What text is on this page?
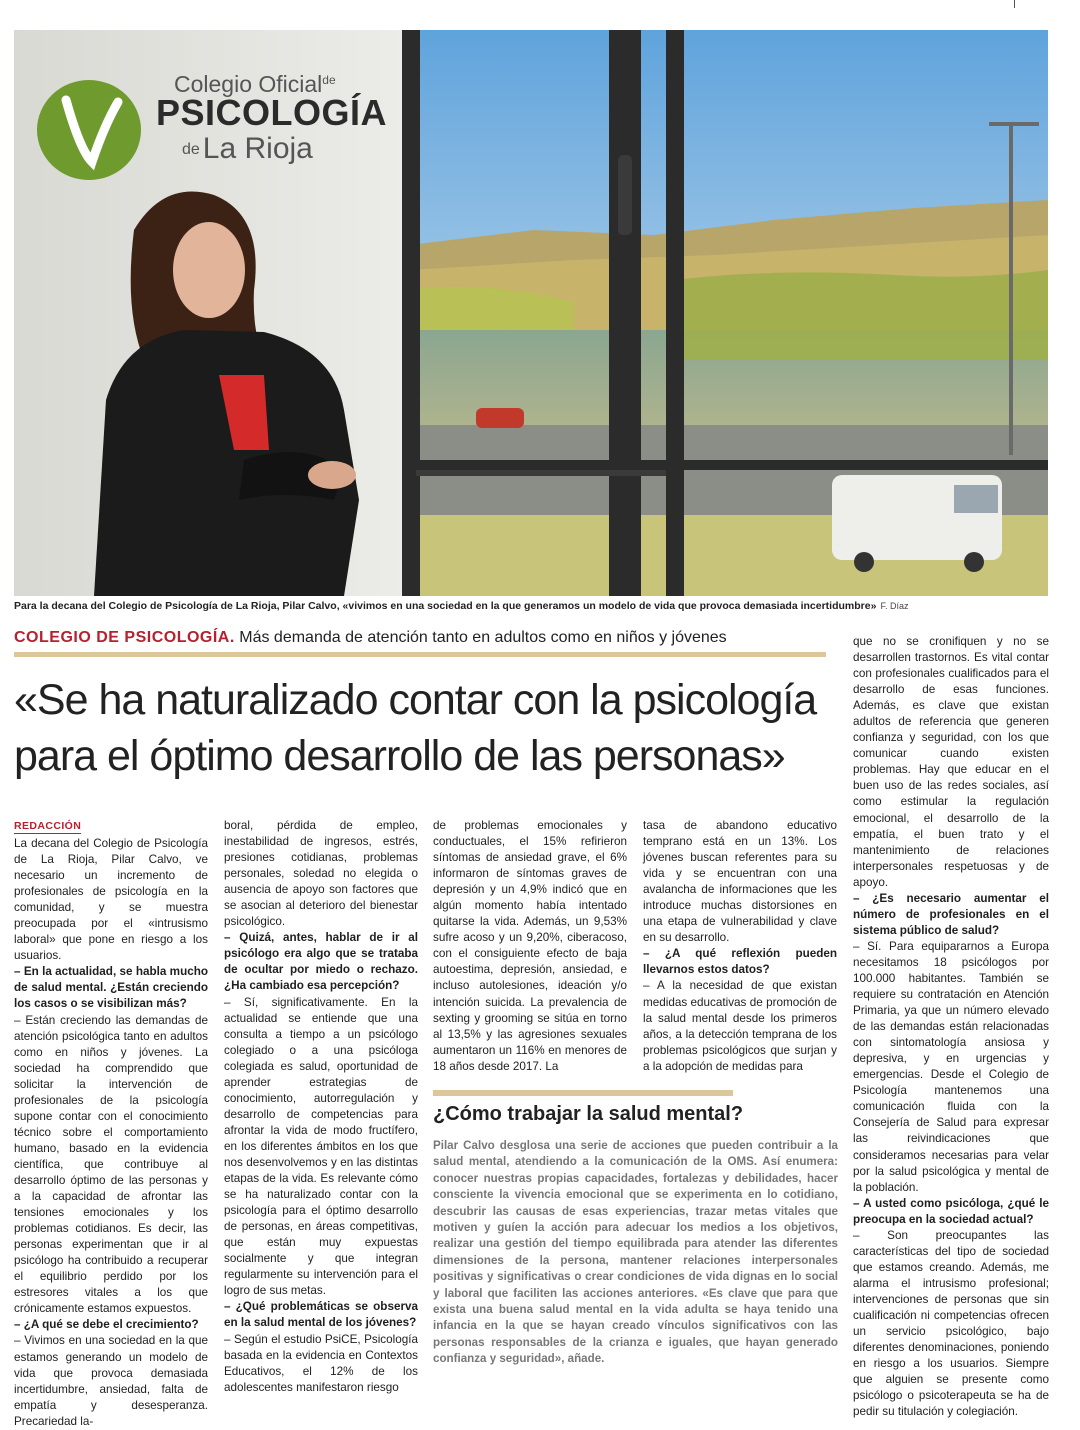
Colegio Oficial$^{de}$
PSICOLOGÍA
de La Rioja
Para la decana del Colegio de Psicología de La Rioja, Pilar Calvo, «vivimos en una sociedad en la que generamos un modelo de vida que provoca demasiada incertidumbre» F. Díaz
COLEGIO DE PSICOLOGÍA. Más demanda de atención tanto en adultos como en niños y jóvenes
«Se ha naturalizado contar con la psicología para el óptimo desarrollo de las personas»
REDACCIÓN

La decana del Colegio de Psicología de La Rioja, Pilar Calvo, ve necesario un incremento de profesionales de psicología en la comunidad, y se muestra preocupada por el «intrusismo laboral» que pone en riesgo a los usuarios.

– En la actualidad, se habla mucho de salud mental. ¿Están creciendo los casos o se visibilizan más?

– Están creciendo las demandas de atención psicológica tanto en adultos como en niños y jóvenes. La sociedad ha comprendido que solicitar la intervención de profesionales de la psicología supone contar con el conocimiento técnico sobre el comportamiento humano, basado en la evidencia científica, que contribuye al desarrollo óptimo de las personas y a la capacidad de afrontar las tensiones emocionales y los problemas cotidianos. Es decir, las personas experimentan que ir al psicólogo ha contribuido a recuperar el equilibrio perdido por los estresores vitales a los que crónicamente estamos expuestos.

– ¿A qué se debe el crecimiento?

– Vivimos en una sociedad en la que estamos generando un modelo de vida que provoca demasiada incertidumbre, ansiedad, falta de empatía y desesperanza. Precariedad la-

boral, pérdida de empleo, inestabilidad de ingresos, estrés, presiones cotidianas, problemas personales, soledad no elegida o ausencia de apoyo son factores que se asocian al deterioro del bienestar psicológico.

– Quizá, antes, hablar de ir al psicólogo era algo que se trataba de ocultar por miedo o rechazo. ¿Ha cambiado esa percepción?

– Sí, significativamente. En la actualidad se entiende que una consulta a tiempo a un psicólogo colegiado o a una psicóloga colegiada es salud, oportunidad de aprender estrategias de conocimiento, autorregulación y desarrollo de competencias para afrontar la vida de modo fructífero, en los diferentes ámbitos en los que nos desenvolvemos y en las distintas etapas de la vida. Es relevante cómo se ha naturalizado contar con la psicología para el óptimo desarrollo de personas, en áreas competitivas, que están muy expuestas socialmente y que integran regularmente su intervención para el logro de sus metas.

– ¿Qué problemáticas se observa en la salud mental de los jóvenes?

– Según el estudio PsiCE, Psicología basada en la evidencia en Contextos Educativos, el 12% de los adolescentes manifestaron riesgo

de problemas emocionales y conductuales, el 15% refirieron síntomas de ansiedad grave, el 6% informaron de síntomas graves de depresión y un 4,9% indicó que en algún momento había intentado quitarse la vida. Además, un 9,53% sufre acoso y un 9,20%, ciberacoso, con el consiguiente efecto de baja autoestima, depresión, ansiedad, e incluso autolesiones, ideación y/o intención suicida. La prevalencia de sexting y grooming se sitúa en torno al 13,5% y las agresiones sexuales aumentaron un 116% en menores de 18 años desde 2017. La

tasa de abandono educativo temprano está en un 13%. Los jóvenes buscan referentes para su vida y se encuentran con una avalancha de informaciones que les introduce muchas distorsiones en una etapa de vulnerabilidad y clave en su desarrollo.

– ¿A qué reflexión pueden llevarnos estos datos?

– A la necesidad de que existan medidas educativas de promoción de la salud mental desde los primeros años, a la detección temprana de los problemas psicológicos que surjan y a la adopción de medidas para

que no se cronifiquen y no se desarrollen trastornos. Es vital contar con profesionales cualificados para el desarrollo de esas funciones. Además, es clave que existan adultos de referencia que generen confianza y seguridad, con los que comunicar cuando existen problemas. Hay que educar en el buen uso de las redes sociales, así como estimular la regulación emocional, el desarrollo de la empatía, el buen trato y el mantenimiento de relaciones interpersonales respetuosas y de apoyo.

– ¿Es necesario aumentar el número de profesionales en el sistema público de salud?

– Sí. Para equipararnos a Europa necesitamos 18 psicólogos por 100.000 habitantes. También se requiere su contratación en Atención Primaria, ya que un número elevado de las demandas están relacionadas con sintomatología ansiosa y depresiva, y en urgencias y emergencias. Desde el Colegio de Psicología mantenemos una comunicación fluida con la Consejería de Salud para expresar las reivindicaciones que consideramos necesarias para velar por la salud psicológica y mental de la población.

– A usted como psicóloga, ¿qué le preocupa en la sociedad actual?

– Son preocupantes las características del tipo de sociedad que estamos creando. Además, me alarma el intrusismo profesional; intervenciones de personas que sin cualificación ni competencias ofrecen un servicio psicológico, bajo diferentes denominaciones, poniendo en riesgo a los usuarios. Siempre que alguien se presente como psicólogo o psicoterapeuta se ha de pedir su titulación y colegiación.

¿Cómo trabajar la salud mental?
Pilar Calvo desglosa una serie de acciones que pueden contribuir a la salud mental, atendiendo a la comunicación de la OMS. Así enumera: conocer nuestras propias capacidades, fortalezas y debilidades, hacer consciente la vivencia emocional que se experimenta en lo cotidiano, descubrir las causas de esas experiencias, trazar metas vitales que motiven y guíen la acción para adecuar los medios a los objetivos, realizar una gestión del tiempo equilibrada para atender las diferentes dimensiones de la persona, mantener relaciones interpersonales positivas y significativas o crear condiciones de vida dignas en lo social y laboral que faciliten las acciones anteriores. «Es clave que para que exista una buena salud mental en la vida adulta se haya tenido una infancia en la que se hayan creado vínculos significativos con las personas responsables de la crianza e iguales, que hayan generado confianza y seguridad», añade.
